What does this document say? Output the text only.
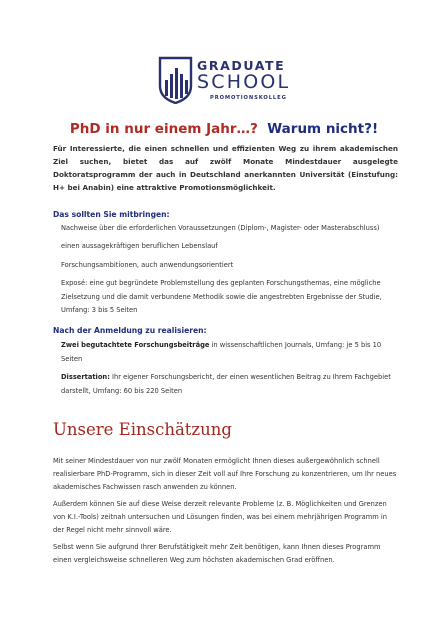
GRADUATE
SCHOOL
PROMOTIONSKOLLEG
PhD in nur einem Jahr…? Warum nicht?!
Für Interessierte, die einen schnellen und effizienten Weg zu ihrem akademischen Ziel suchen, bietet das auf zwölf Monate Mindestdauer ausgelegte Doktoratsprogramm der auch in Deutschland anerkannten Universität (Einstufung: H+ bei Anabin) eine attraktive Promotionsmöglichkeit.
Das sollten Sie mitbringen:
Nachweise über die erforderlichen Voraussetzungen (Diplom-, Magister- oder Masterabschluss)
einen aussagekräftigen beruflichen Lebenslauf
Forschungsambitionen, auch anwendungsorientiert
Exposé: eine gut begründete Problemstellung des geplanten Forschungsthemas, eine mögliche Zielsetzung und die damit verbundene Methodik sowie die angestrebten Ergebnisse der Studie, Umfang: 3 bis 5 Seiten
Nach der Anmeldung zu realisieren:
Zwei begutachtete Forschungsbeiträge in wissenschaftlichen Journals, Umfang: je 5 bis 10 Seiten
Dissertation: Ihr eigener Forschungsbericht, der einen wesentlichen Beitrag zu Ihrem Fachgebiet darstellt, Umfang: 60 bis 220 Seiten
Unsere Einschätzung
Mit seiner Mindestdauer von nur zwölf Monaten ermöglicht Ihnen dieses außergewöhnlich schnell realisierbare PhD-Programm, sich in dieser Zeit voll auf Ihre Forschung zu konzentrieren, um Ihr neues akademisches Fachwissen rasch anwenden zu können.
Außerdem können Sie auf diese Weise derzeit relevante Probleme (z. B. Möglichkeiten und Grenzen von K.I.-Tools) zeitnah untersuchen und Lösungen finden, was bei einem mehrjährigen Programm in der Regel nicht mehr sinnvoll wäre.
Selbst wenn Sie aufgrund Ihrer Berufstätigkeit mehr Zeit benötigen, kann Ihnen dieses Programm einen vergleichsweise schnelleren Weg zum höchsten akademischen Grad eröffnen.
